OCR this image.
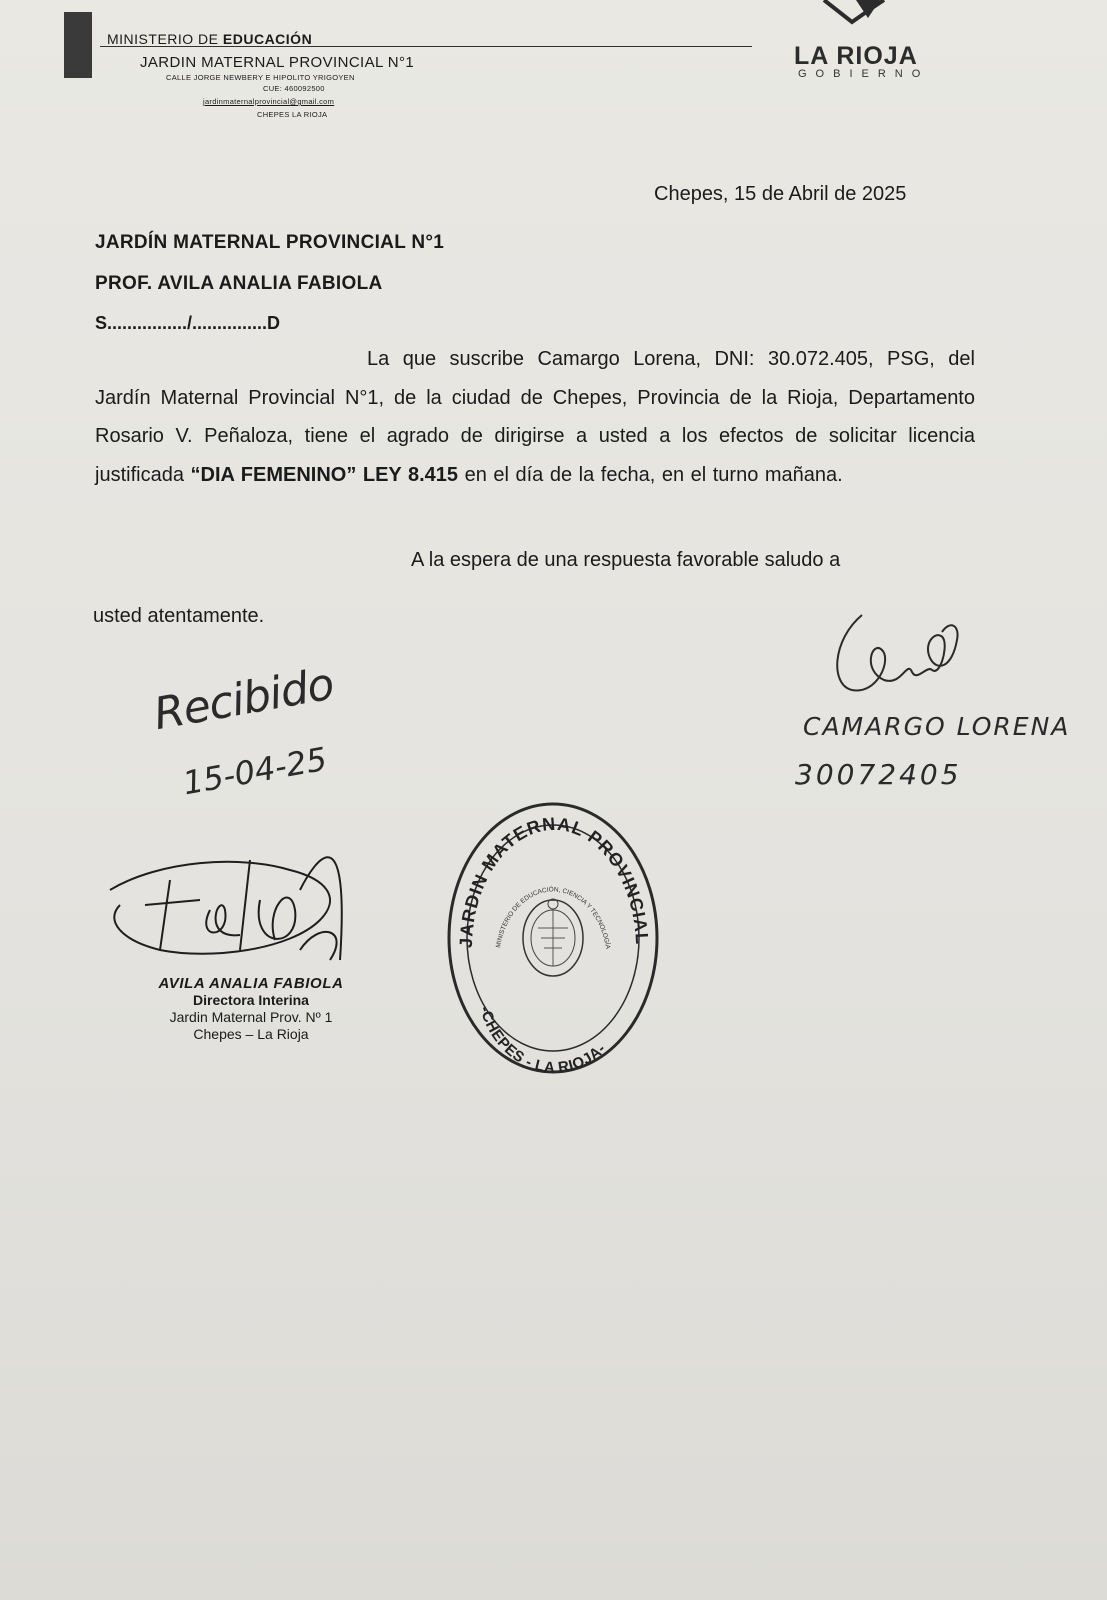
MINISTERIO DE EDUCACIÓN
JARDIN MATERNAL PROVINCIAL N°1
CALLE JORGE NEWBERY E HIPOLITO YRIGOYEN
CUE: 460092500
jardinmaternalprovincial@gmail.com
CHEPES LA RIOJA
LA RIOJA
GOBIERNO
Chepes, 15 de Abril de 2025
JARDÍN MATERNAL PROVINCIAL N°1
PROF. AVILA ANALIA FABIOLA
S................/...............D
La que suscribe Camargo Lorena, DNI: 30.072.405, PSG, del Jardín Maternal Provincial N°1, de la ciudad de Chepes, Provincia de la Rioja, Departamento Rosario V. Peñaloza, tiene el agrado de dirigirse a usted a los efectos de solicitar licencia justificada “DIA FEMENINO” LEY 8.415 en el día de la fecha, en el turno mañana.
A la espera de una respuesta favorable saludo a
usted atentamente.
Recibido
15-04-25
CAMARGO LORENA
30072405
AVILA ANALIA FABIOLA
Directora Interina
Jardin Maternal Prov. Nº 1
Chepes – La Rioja
JARDIN MATERNAL PROVINCIAL N°1
-CHEPES - LA RIOJA-
MINISTERIO DE EDUCACIÓN, CIENCIA Y TECNOLOGÍA
